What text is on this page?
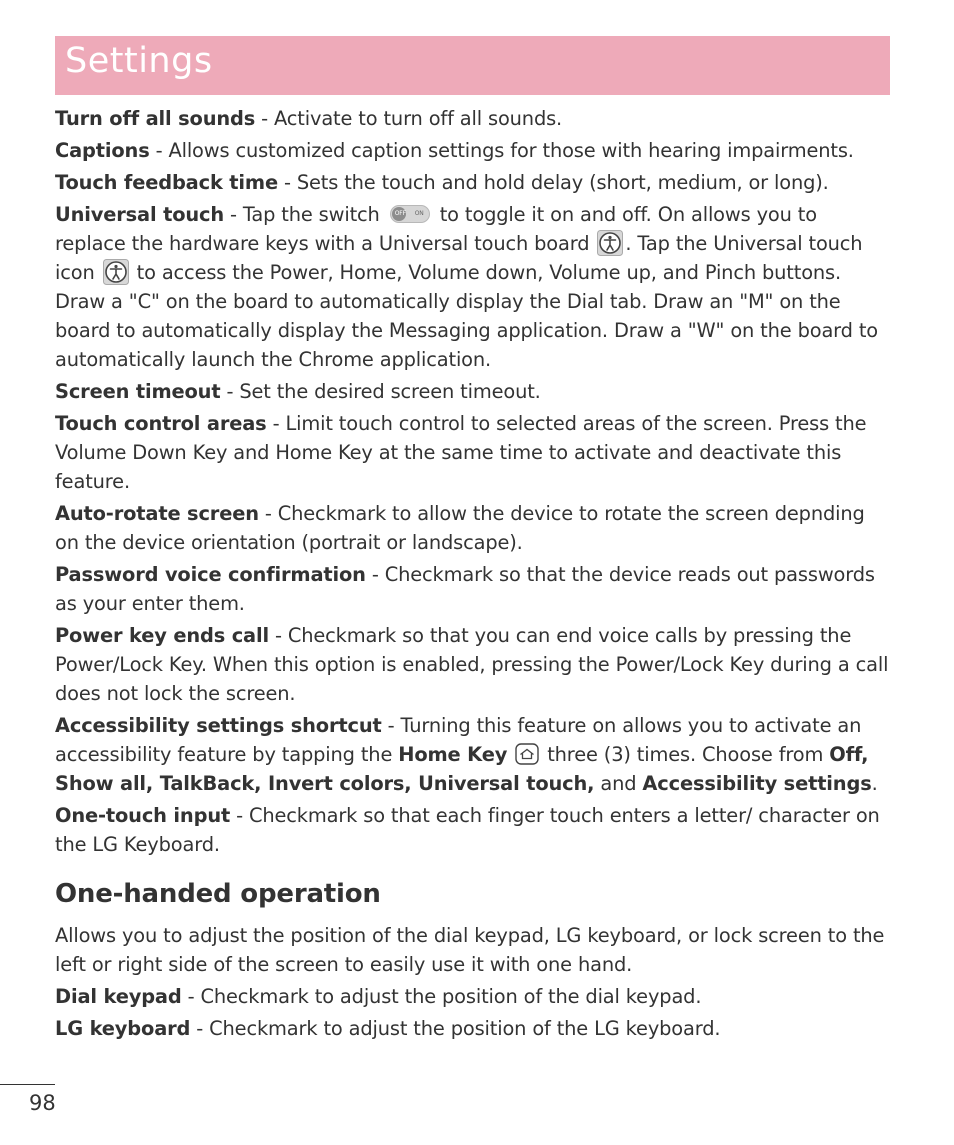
Settings

Turn off all sounds - Activate to turn off all sounds.

Captions - Allows customized caption settings for those with hearing impairments.

Touch feedback time - Sets the touch and hold delay (short, medium, or long).

Universal touch - Tap the switch OFF ON to toggle it on and off. On allows you to replace the hardware keys with a Universal touch board . Tap the Universal touch icon  to access the Power, Home, Volume down, Volume up, and Pinch buttons. Draw a "C" on the board to automatically display the Dial tab. Draw an "M" on the board to automatically display the Messaging application. Draw a "W" on the board to automatically launch the Chrome application.

Screen timeout - Set the desired screen timeout.

Touch control areas - Limit touch control to selected areas of the screen. Press the Volume Down Key and Home Key at the same time to activate and deactivate this feature.

Auto-rotate screen - Checkmark to allow the device to rotate the screen depnding on the device orientation (portrait or landscape).

Password voice confirmation - Checkmark so that the device reads out passwords as your enter them.

Power key ends call - Checkmark so that you can end voice calls by pressing the Power/Lock Key. When this option is enabled, pressing the Power/Lock Key during a call does not lock the screen.

Accessibility settings shortcut - Turning this feature on allows you to activate an accessibility feature by tapping the Home Key  three (3) times. Choose from Off, Show all, TalkBack, Invert colors, Universal touch, and Accessibility settings.

One-touch input - Checkmark so that each finger touch enters a letter/ character on the LG Keyboard.

One-handed operation

Allows you to adjust the position of the dial keypad, LG keyboard, or lock screen to the left or right side of the screen to easily use it with one hand.

Dial keypad - Checkmark to adjust the position of the dial keypad.

LG keyboard - Checkmark to adjust the position of the LG keyboard.

98
